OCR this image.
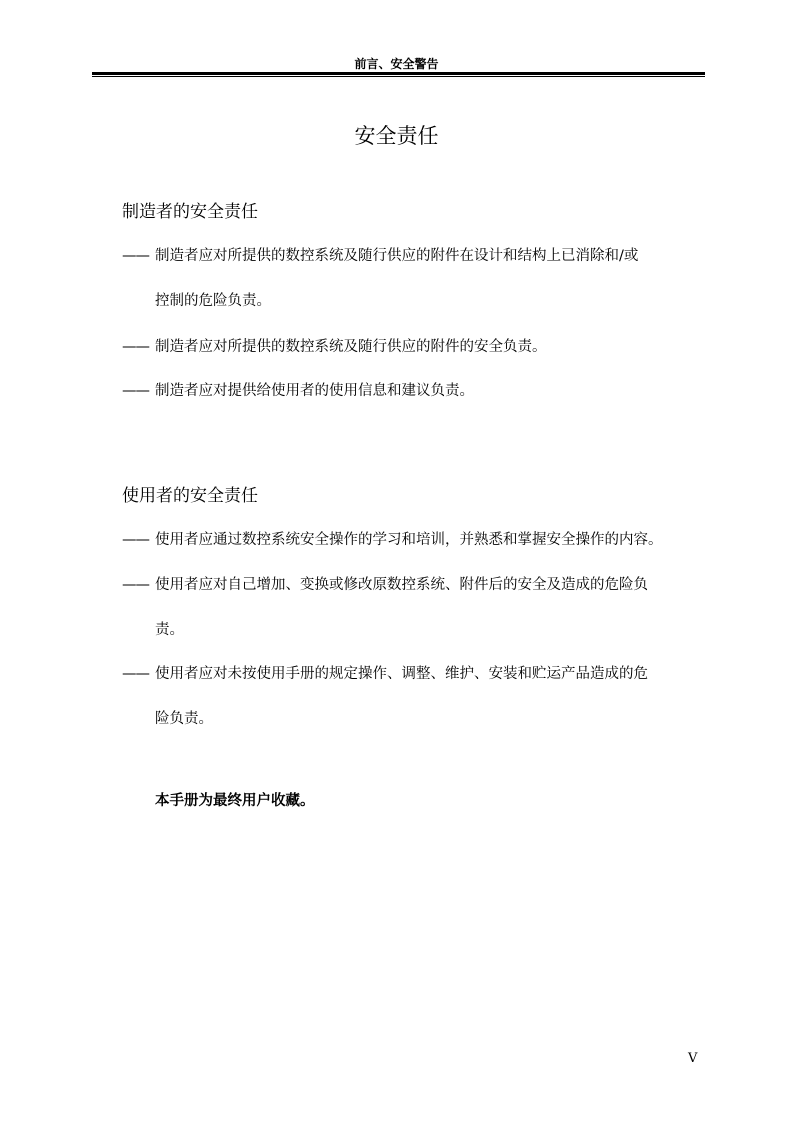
前言、安全警告
安全责任
制造者的安全责任
—— 制造者应对所提供的数控系统及随行供应的附件在设计和结构上已消除和/或
控制的危险负责。
—— 制造者应对所提供的数控系统及随行供应的附件的安全负责。
—— 制造者应对提供给使用者的使用信息和建议负责。
使用者的安全责任
—— 使用者应通过数控系统安全操作的学习和培训，并熟悉和掌握安全操作的内容。
—— 使用者应对自己增加、变换或修改原数控系统、附件后的安全及造成的危险负
责。
—— 使用者应对未按使用手册的规定操作、调整、维护、安装和贮运产品造成的危
险负责。
本手册为最终用户收藏。
V
